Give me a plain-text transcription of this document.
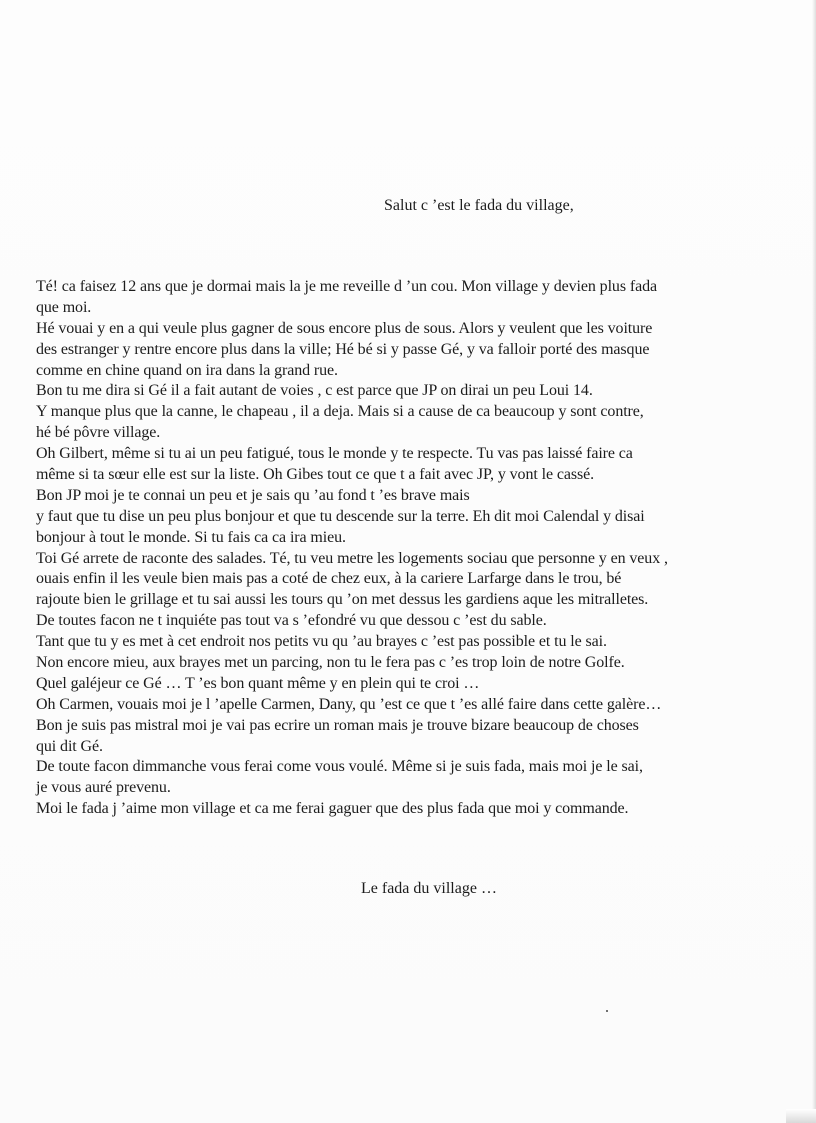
Salut c ’est le fada du village,
Té! ca faisez 12 ans que je dormai mais la je me reveille d ’un cou. Mon village y devien plus fada
que moi.
Hé vouai y en a qui veule plus gagner de sous encore plus de sous. Alors y veulent que les voiture
des estranger y rentre encore plus dans la ville; Hé bé si y passe Gé, y va falloir porté des masque
comme en chine quand on ira dans la grand rue.
Bon tu me dira si Gé il a fait autant de voies , c est parce que JP on dirai un peu Loui 14.
Y manque plus que la canne, le chapeau , il a deja. Mais si a cause de ca beaucoup y sont contre,
hé bé pôvre village.
Oh Gilbert, même si tu ai un peu fatigué, tous le monde y te respecte. Tu vas pas laissé faire ca
même si ta sœur elle est sur la liste. Oh Gibes tout ce que t a fait avec JP, y vont le cassé.
Bon JP moi je te connai un peu et je sais qu ’au fond t ’es brave mais
y faut que tu dise un peu plus bonjour et que tu descende sur la terre. Eh dit moi Calendal y disai
bonjour à tout le monde. Si tu fais ca ca ira mieu.
Toi Gé arrete de raconte des salades. Té, tu veu metre les logements sociau que personne y en veux ,
ouais enfin il les veule bien mais pas a coté de chez eux, à la cariere Larfarge dans le trou, bé
rajoute bien le grillage et tu sai aussi les tours qu ’on met dessus les gardiens aque les mitralletes.
De toutes facon ne t inquiéte pas tout va s ’efondré vu que dessou c ’est du sable.
Tant que tu y es met à cet endroit nos petits vu qu ’au brayes c ’est pas possible et tu le sai.
Non encore mieu, aux brayes met un parcing, non tu le fera pas c ’es trop loin de notre Golfe.
Quel galéjeur ce Gé … T ’es bon quant même y en plein qui te croi …
Oh Carmen, vouais moi je l ’apelle Carmen, Dany, qu ’est ce que t ’es allé faire dans cette galère…
Bon je suis pas mistral moi je vai pas ecrire un roman mais je trouve bizare beaucoup de choses
qui dit Gé.
De toute facon dimmanche vous ferai come vous voulé. Même si je suis fada, mais moi je le sai,
je vous auré prevenu.
Moi le fada j ’aime mon village et ca me ferai gaguer que des plus fada que moi y commande.
Le fada du village …
